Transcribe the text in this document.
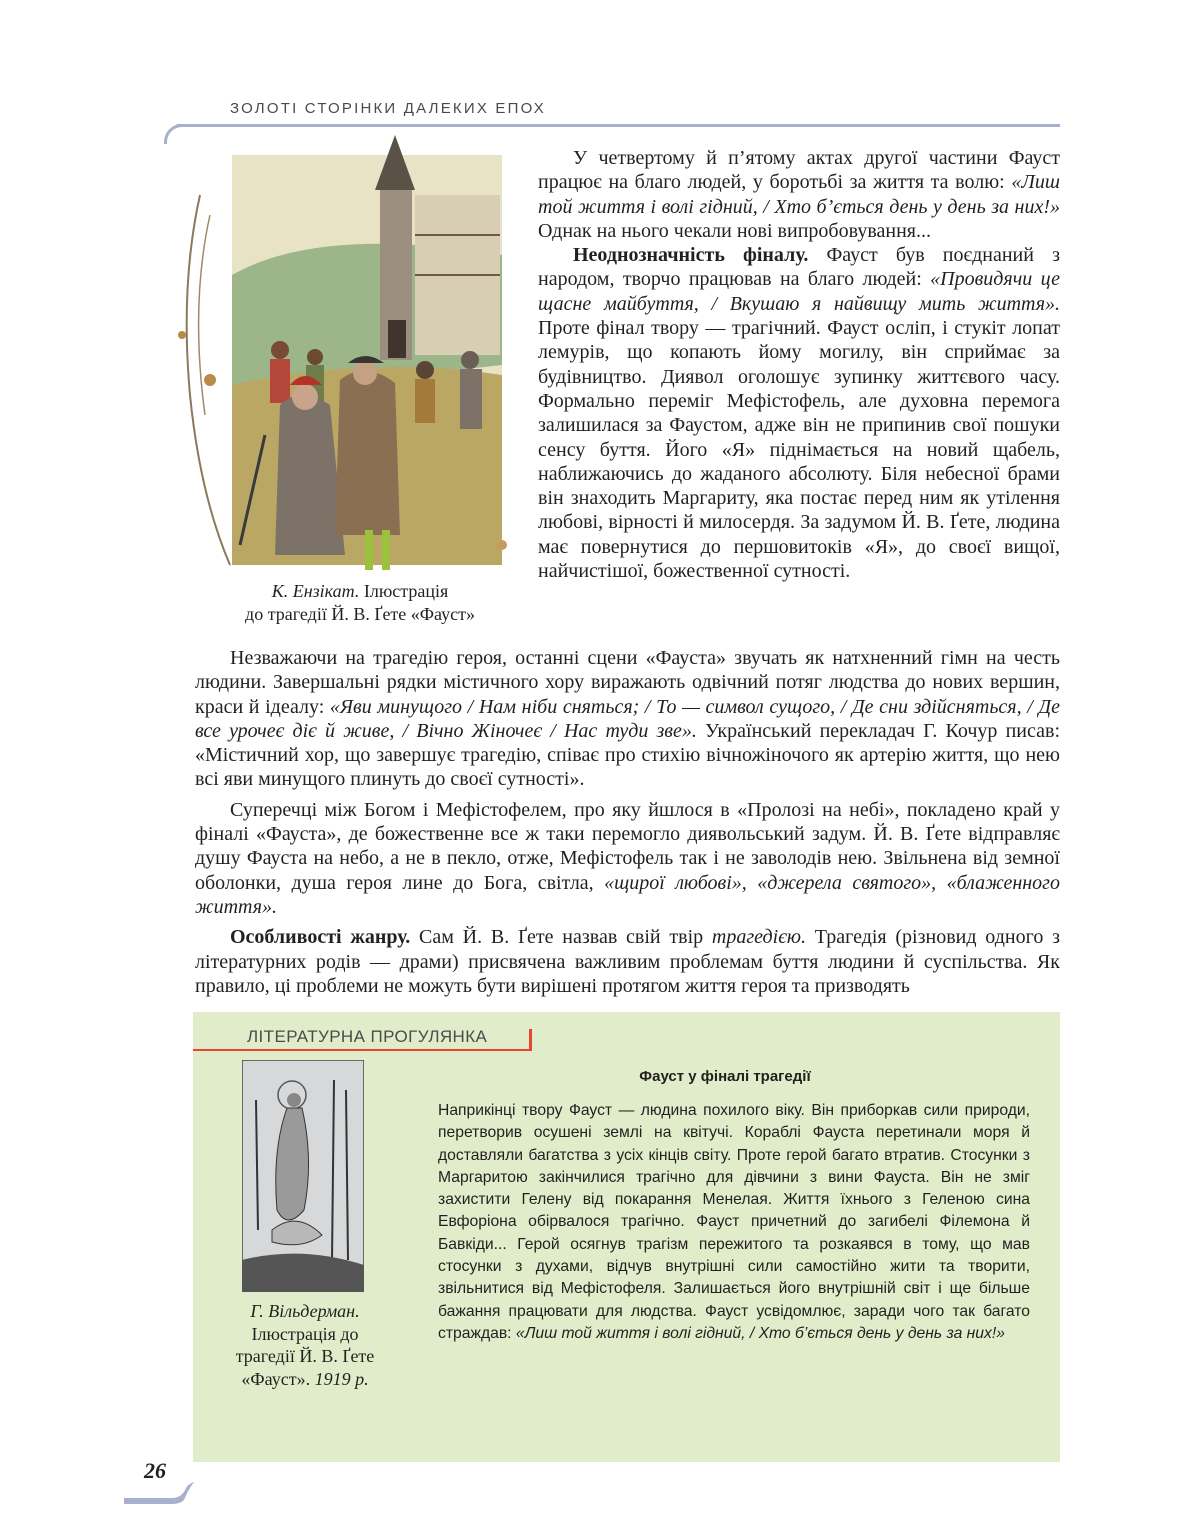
ЗОЛОТІ СТОРІНКИ ДАЛЕКИХ ЕПОХ
К. Ензікат. Ілюстрація
до трагедії Й. В. Ґете «Фауст»

У четвертому й п’ятому актах другої частини Фауст працює на благо людей, у боротьбі за життя та волю: «Лиш той життя і волі гідний, / Хто б’ється день у день за них!» Однак на нього чекали нові випробовування...

Неоднозначність фіналу. Фауст був поєднаний з народом, творчо працював на благо людей: «Провидячи це щасне майбуття, / Вкушаю я найвищу мить життя». Проте фінал твору — трагічний. Фауст осліп, і стукіт лопат лемурів, що копають йому могилу, він сприймає за будівництво. Диявол оголошує зупинку життєвого часу. Формально переміг Мефістофель, але духовна перемога залишилася за Фаустом, адже він не припинив свої пошуки сенсу буття. Його «Я» піднімається на новий щабель, наближаючись до жаданого абсолюту. Біля небесної брами він знаходить Маргариту, яка постає перед ним як утілення любові, вірності й милосердя. За задумом Й. В. Ґете, людина має повернутися до першовитоків «Я», до своєї вищої, найчистішої, божественної сутності.

Незважаючи на трагедію героя, останні сцени «Фауста» звучать як натхненний гімн на честь людини. Завершальні рядки містичного хору виражають одвічний потяг людства до нових вершин, краси й ідеалу: «Яви минущого / Нам ніби сняться; / То — символ сущого, / Де сни здійсняться, / Де все урочеє діє й живе, / Вічно Жіночеє / Нас туди зве». Український перекладач Г. Кочур писав: «Містичний хор, що завершує трагедію, співає про стихію вічножіночого як артерію життя, що нею всі яви минущого плинуть до своєї сутності».

Суперечці між Богом і Мефістофелем, про яку йшлося в «Пролозі на небі», покладено край у фіналі «Фауста», де божественне все ж таки перемогло диявольський задум. Й. В. Ґете відправляє душу Фауста на небо, а не в пекло, отже, Мефістофель так і не заволодів нею. Звільнена від земної оболонки, душа героя лине до Бога, світла, «щирої любові», «джерела святого», «блаженного життя».

Особливості жанру. Сам Й. В. Ґете назвав свій твір трагедією. Трагедія (різновид одного з літературних родів — драми) присвячена важливим проблемам буття людини й суспільства. Як правило, ці проблеми не можуть бути вирішені протягом життя героя та призводять

ЛІТЕРАТУРНА ПРОГУЛЯНКА
Г. Вільдерман.
Ілюстрація до
трагедії Й. В. Ґете
«Фауст». 1919 р.
Фауст у фіналі трагедії
Наприкінці твору Фауст — людина похилого віку. Він приборкав сили природи, перетворив осушені землі на квітучі. Кораблі Фауста перетинали моря й доставляли багатства з усіх кінців світу. Проте герой багато втратив. Стосунки з Маргаритою закінчилися трагічно для дівчини з вини Фауста. Він не зміг захистити Гелену від покарання Менелая. Життя їхнього з Геленою сина Евфоріона обірвалося трагічно. Фауст причетний до загибелі Філемона й Бавкіди... Герой осягнув трагізм пережитого та розкаявся в тому, що мав стосунки з духами, відчув внутрішні сили самостійно жити та творити, звільнитися від Мефістофеля. Залишається його внутрішній світ і ще більше бажання працювати для людства. Фауст усвідомлює, заради чого так багато страждав: «Лиш той життя і волі гідний, / Хто б’ється день у день за них!»
26
